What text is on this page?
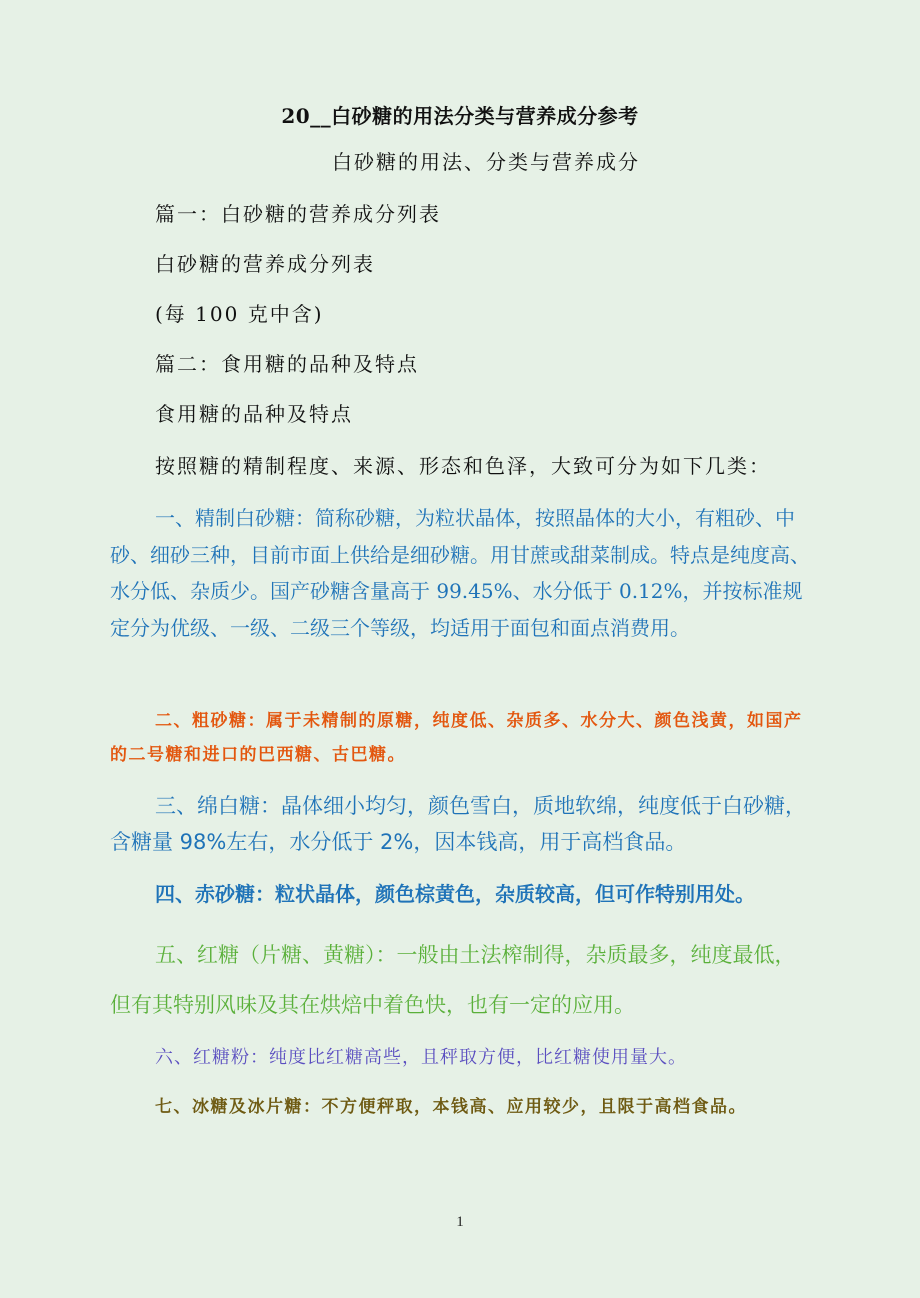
20__白砂糖的用法分类与营养成分参考
白砂糖的用法、分类与营养成分
篇一：白砂糖的营养成分列表
白砂糖的营养成分列表
(每 100 克中含)
篇二：食用糖的品种及特点
食用糖的品种及特点
按照糖的精制程度、来源、形态和色泽，大致可分为如下几类：
一、精制白砂糖：简称砂糖，为粒状晶体，按照晶体的大小，有粗砂、中砂、细砂三种，目前市面上供给是细砂糖。用甘蔗或甜菜制成。特点是纯度高、水分低、杂质少。国产砂糖含量高于 99.45%、水分低于 0.12%，并按标准规定分为优级、一级、二级三个等级，均适用于面包和面点消费用。
二、粗砂糖：属于未精制的原糖，纯度低、杂质多、水分大、颜色浅黄，如国产的二号糖和进口的巴西糖、古巴糖。
三、绵白糖：晶体细小均匀，颜色雪白，质地软绵，纯度低于白砂糖，含糖量 98%左右，水分低于 2%，因本钱高，用于高档食品。
四、赤砂糖：粒状晶体，颜色棕黄色，杂质较高，但可作特别用处。
五、红糖（片糖、黄糖）：一般由土法榨制得，杂质最多，纯度最低，但有其特别风味及其在烘焙中着色快，也有一定的应用。
六、红糖粉：纯度比红糖高些，且秤取方便，比红糖使用量大。
七、冰糖及冰片糖：不方便秤取，本钱高、应用较少，且限于高档食品。
1
